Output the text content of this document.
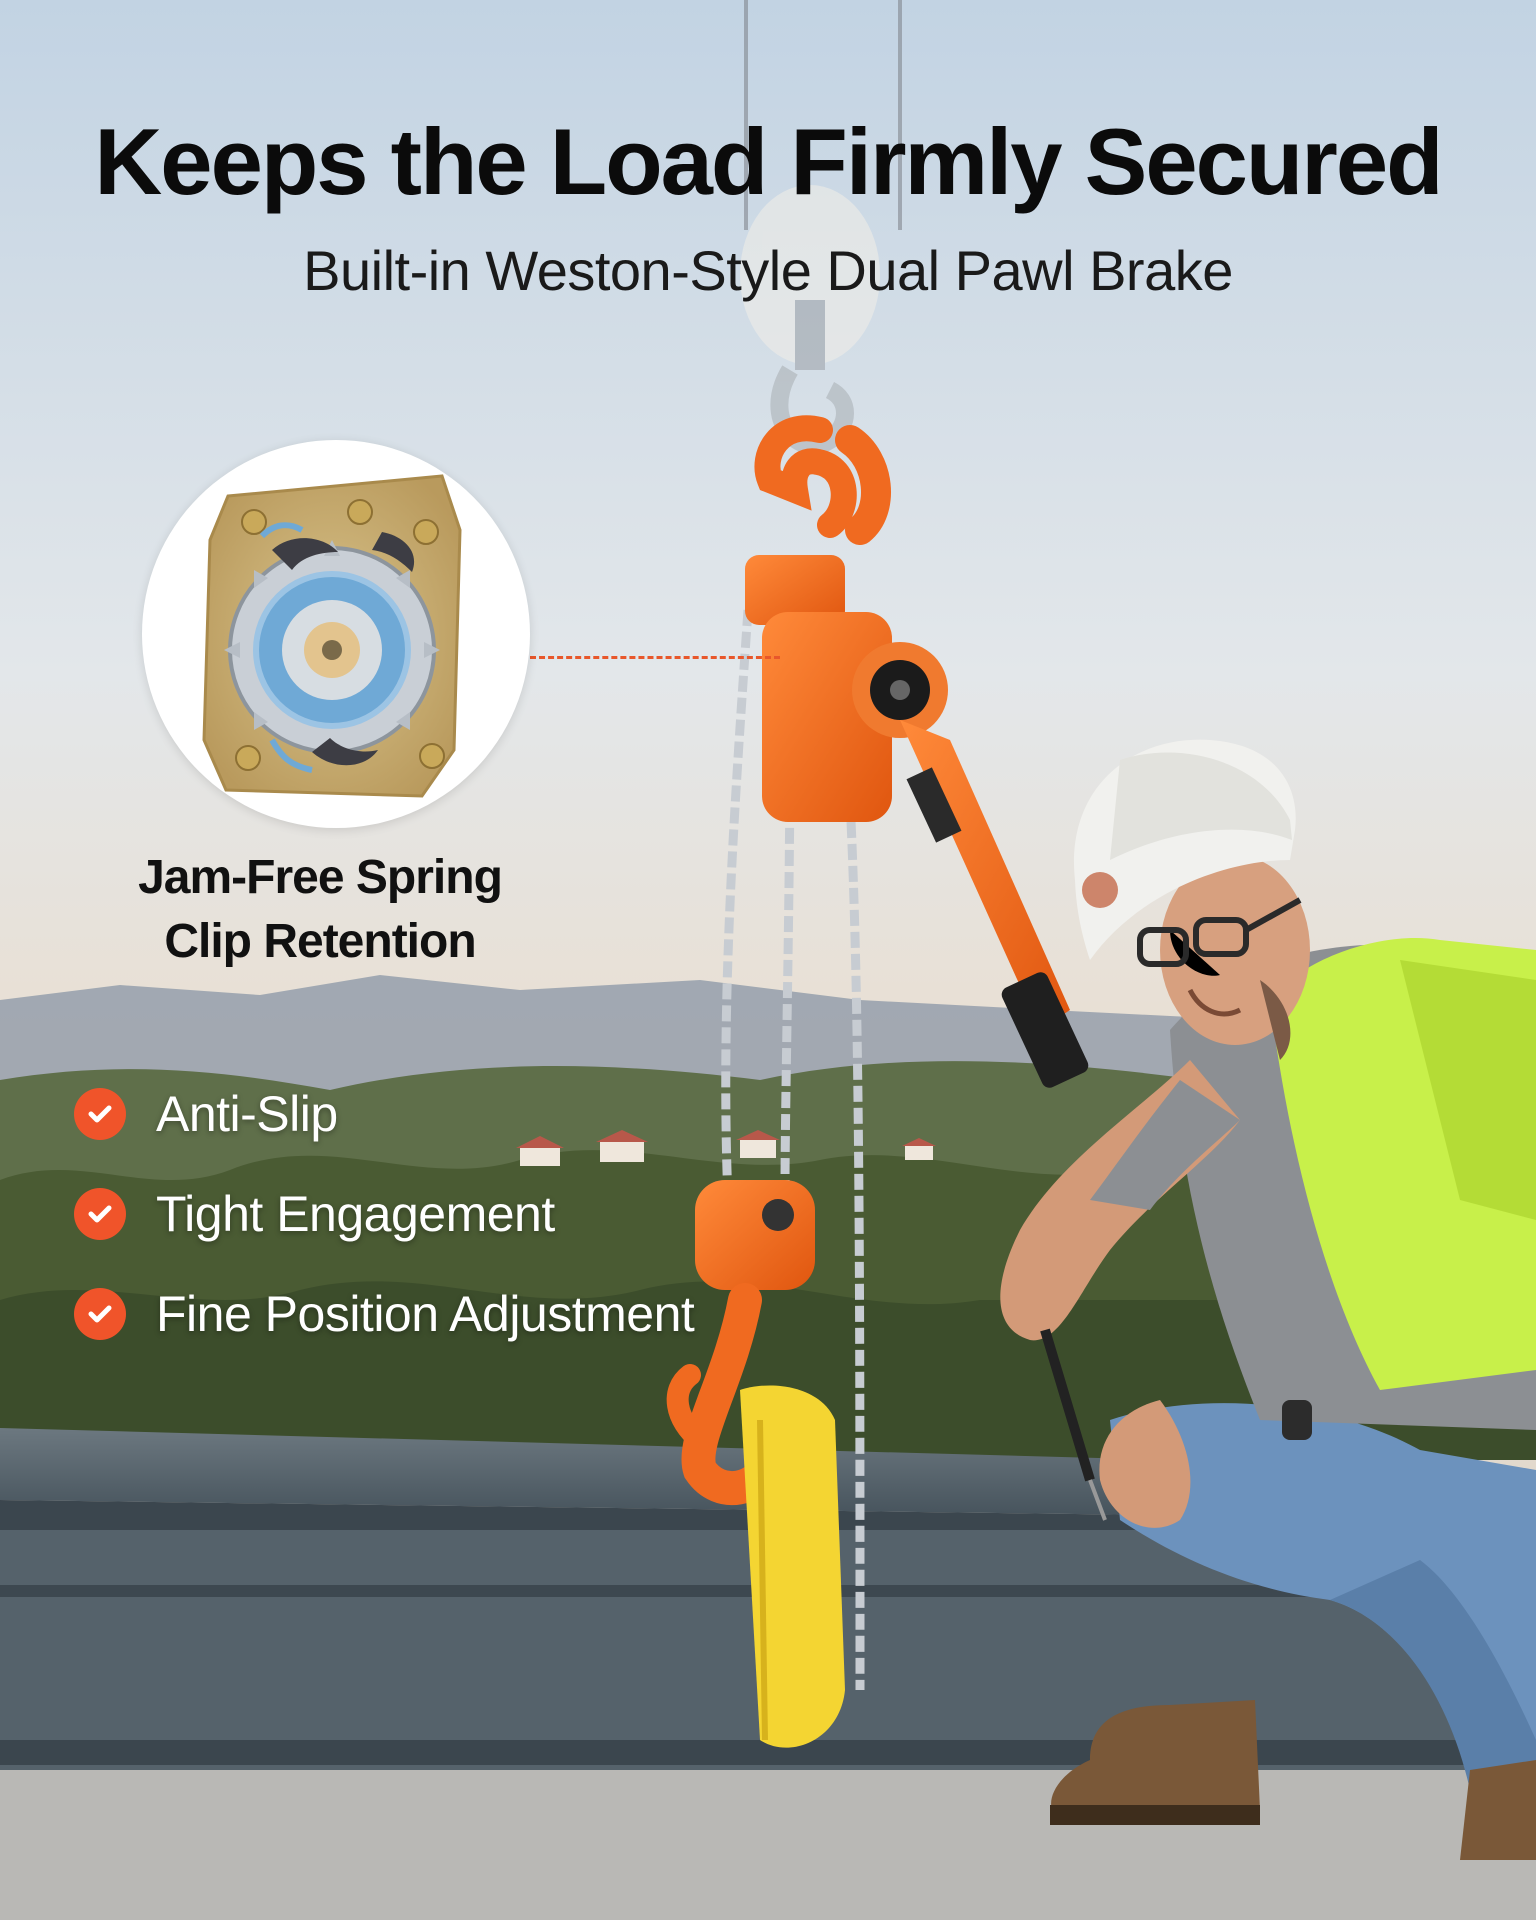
Keeps the Load Firmly Secured
Built-in Weston-Style Dual Pawl Brake
Jam-Free Spring
Clip Retention
Anti-Slip
Tight Engagement
Fine Position Adjustment
